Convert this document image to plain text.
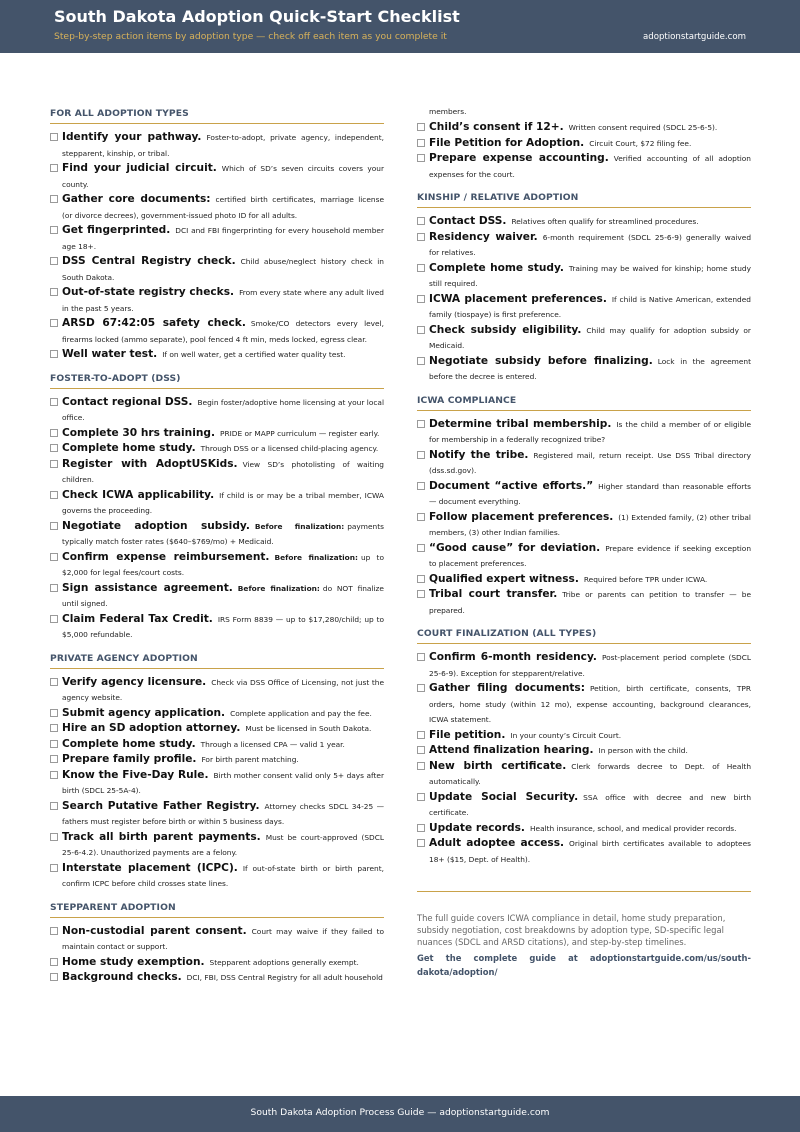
South Dakota Adoption Quick-Start Checklist
Step-by-step action items by adoption type — check off each item as you complete it	adoptionstartguide.com
FOR ALL ADOPTION TYPES
Identify your pathway. Foster-to-adopt, private agency, independent, stepparent, kinship, or tribal.
Find your judicial circuit. Which of SD’s seven circuits covers your county.
Gather core documents: certified birth certificates, marriage license (or divorce decrees), government-issued photo ID for all adults.
Get fingerprinted. DCI and FBI fingerprinting for every household member age 18+.
DSS Central Registry check. Child abuse/neglect history check in South Dakota.
Out-of-state registry checks. From every state where any adult lived in the past 5 years.
ARSD 67:42:05 safety check. Smoke/CO detectors every level, firearms locked (ammo separate), pool fenced 4 ft min, meds locked, egress clear.
Well water test. If on well water, get a certified water quality test.
FOSTER-TO-ADOPT (DSS)
Contact regional DSS. Begin foster/adoptive home licensing at your local office.
Complete 30 hrs training. PRIDE or MAPP curriculum — register early.
Complete home study. Through DSS or a licensed child-placing agency.
Register with AdoptUSKids. View SD’s photolisting of waiting children.
Check ICWA applicability. If child is or may be a tribal member, ICWA governs the proceeding.
Negotiate adoption subsidy. Before finalization: payments typically match foster rates ($640–$769/mo) + Medicaid.
Confirm expense reimbursement. Before finalization: up to $2,000 for legal fees/court costs.
Sign assistance agreement. Before finalization: do NOT finalize until signed.
Claim Federal Tax Credit. IRS Form 8839 — up to $17,280/child; up to $5,000 refundable.
PRIVATE AGENCY ADOPTION
Verify agency licensure. Check via DSS Office of Licensing, not just the agency website.
Submit agency application. Complete application and pay the fee.
Hire an SD adoption attorney. Must be licensed in South Dakota.
Complete home study. Through a licensed CPA — valid 1 year.
Prepare family profile. For birth parent matching.
Know the Five-Day Rule. Birth mother consent valid only 5+ days after birth (SDCL 25-5A-4).
Search Putative Father Registry. Attorney checks SDCL 34-25 — fathers must register before birth or within 5 business days.
Track all birth parent payments. Must be court-approved (SDCL 25-6-4.2). Unauthorized payments are a felony.
Interstate placement (ICPC). If out-of-state birth or birth parent, confirm ICPC before child crosses state lines.
STEPPARENT ADOPTION
Non-custodial parent consent. Court may waive if they failed to maintain contact or support.
Home study exemption. Stepparent adoptions generally exempt.
Background checks. DCI, FBI, DSS Central Registry for all adult household
members.
Child’s consent if 12+. Written consent required (SDCL 25-6-5).
File Petition for Adoption. Circuit Court, $72 filing fee.
Prepare expense accounting. Verified accounting of all adoption expenses for the court.
KINSHIP / RELATIVE ADOPTION
Contact DSS. Relatives often qualify for streamlined procedures.
Residency waiver. 6-month requirement (SDCL 25-6-9) generally waived for relatives.
Complete home study. Training may be waived for kinship; home study still required.
ICWA placement preferences. If child is Native American, extended family (tiospaye) is first preference.
Check subsidy eligibility. Child may qualify for adoption subsidy or Medicaid.
Negotiate subsidy before finalizing. Lock in the agreement before the decree is entered.
ICWA COMPLIANCE
Determine tribal membership. Is the child a member of or eligible for membership in a federally recognized tribe?
Notify the tribe. Registered mail, return receipt. Use DSS Tribal directory (dss.sd.gov).
Document “active efforts.” Higher standard than reasonable efforts — document everything.
Follow placement preferences. (1) Extended family, (2) other tribal members, (3) other Indian families.
“Good cause” for deviation. Prepare evidence if seeking exception to placement preferences.
Qualified expert witness. Required before TPR under ICWA.
Tribal court transfer. Tribe or parents can petition to transfer — be prepared.
COURT FINALIZATION (ALL TYPES)
Confirm 6-month residency. Post-placement period complete (SDCL 25-6-9). Exception for stepparent/relative.
Gather filing documents: Petition, birth certificate, consents, TPR orders, home study (within 12 mo), expense accounting, background clearances, ICWA statement.
File petition. In your county’s Circuit Court.
Attend finalization hearing. In person with the child.
New birth certificate. Clerk forwards decree to Dept. of Health automatically.
Update Social Security. SSA office with decree and new birth certificate.
Update records. Health insurance, school, and medical provider records.
Adult adoptee access. Original birth certificates available to adoptees 18+ ($15, Dept. of Health).
The full guide covers ICWA compliance in detail, home study preparation, subsidy negotiation, cost breakdowns by adoption type, SD-specific legal nuances (SDCL and ARSD citations), and step-by-step timelines.
Get the complete guide at adoptionstartguide.com/us/south-dakota/adoption/
South Dakota Adoption Process Guide — adoptionstartguide.com
